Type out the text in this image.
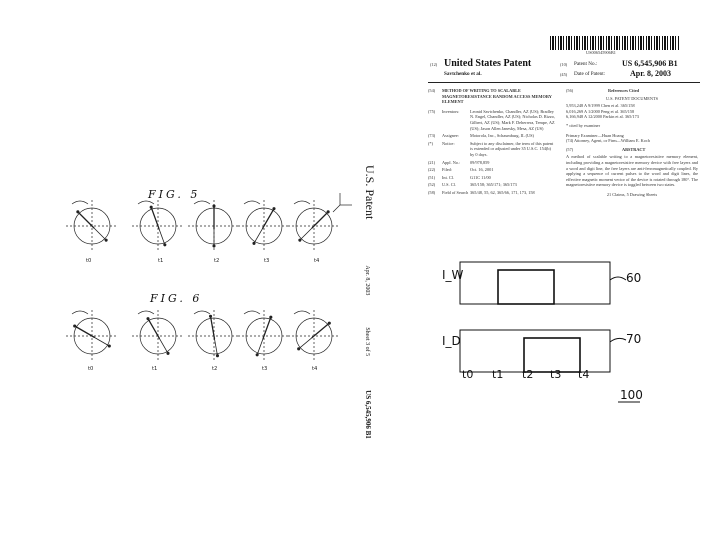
U.S. Patent Apr. 8, 2003 Sheet 3 of 5 US 6,545,906 B1
FIG. 5
FIG. 6
t0	t1	t2	t3	t4
t0	t1	t2	t3	t4
US006545906B1
(12) United States Patent
Savtchenko et al.
(10) Patent No.:	US 6,545,906 B1
(45) Date of Patent:	Apr. 8, 2003
(54)	METHOD OF WRITING TO SCALABLE MAGNETORESISTANCE RANDOM ACCESS MEMORY ELEMENT
(75)	Inventors:	Leonid Savtchenko, Chandler, AZ (US); Bradley N. Engel, Chandler, AZ (US); Nicholas D. Rizzo, Gilbert, AZ (US); Mark F. Deherrera, Tempe, AZ (US); Jason Allen Janesky, Mesa, AZ (US)
(73)	Assignee:	Motorola, Inc., Schaumburg, IL (US)
(*)	Notice:	Subject to any disclaimer, the term of this patent is extended or adjusted under 35 U.S.C. 154(b) by 0 days.
(21)	Appl. No.:	09/978,859
(22)	Filed:	Oct. 16, 2001
(51)	Int. Cl.	G11C 11/00
(52)	U.S. Cl.	365/158; 365/171; 365/173
(58)	Field of Search 365/48, 55, 62, 365/66, 171, 173, 158
(56)	References Cited
U.S. PATENT DOCUMENTS
5,953,248 A 9/1999 Chen et al. 365/158
6,016,269 A 1/2000 Peng et al. 365/158
6,166,948 A 12/2000 Parkin et al. 365/173
* cited by examiner
Primary Examiner—Huan Hoang
(74) Attorney, Agent, or Firm—William E. Koch
(57)	ABSTRACT
A method of scalable writing to a magnetoresistive memory element, including providing a magnetoresistive memory device with free layers and a word and digit line, the free layers are anti-ferromagnetically coupled. By applying a sequence of current pulses to the word and digit lines, the effective magnetic moment vector of the device is rotated through 180°. The magnetoresistive memory device is toggled between two states.
21 Claims, 5 Drawing Sheets
I_W
I_D
60
70
t0 t1 t2 t3 t4
100
